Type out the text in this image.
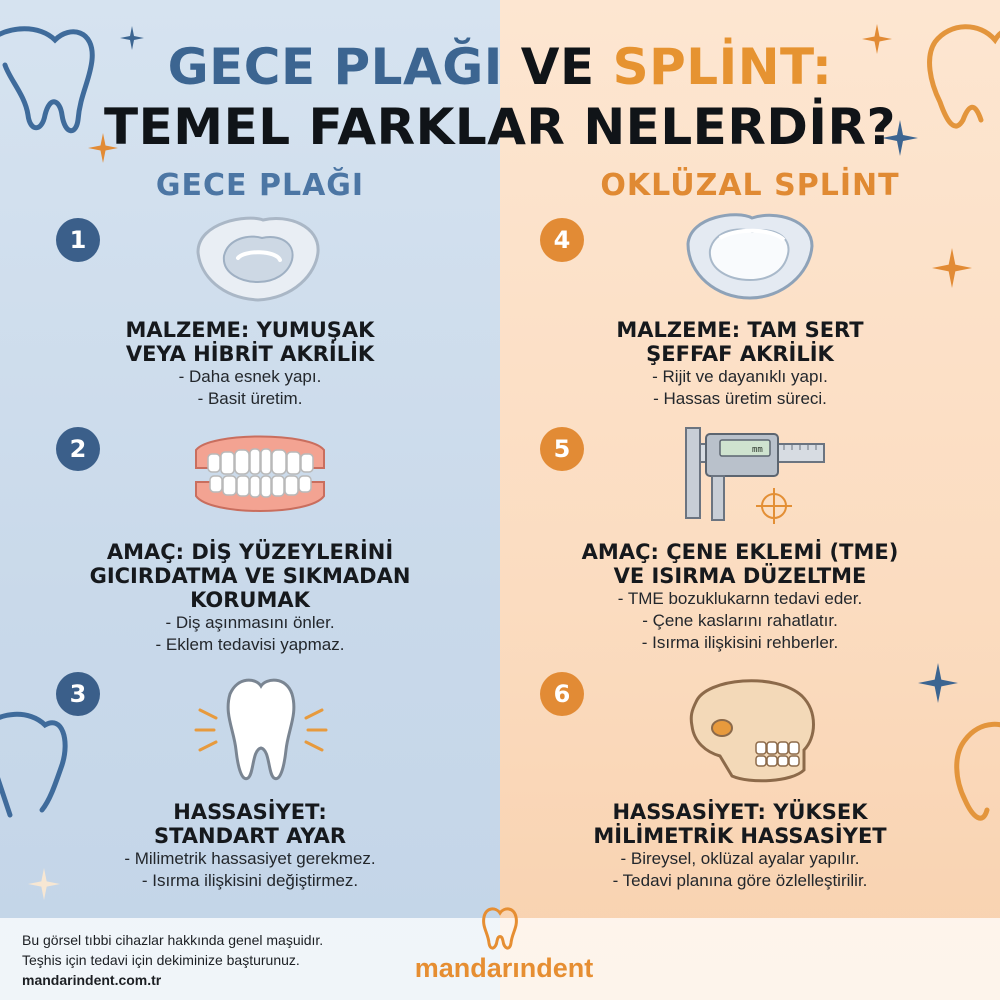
GECE PLAĞI VE SPLİNT:
TEMEL FARKLAR NELERDİR?
GECE PLAĞI	OKLÜZAL SPLİNT
1

MALZEME: YUMUŞAK

VEYA HİBRİT AKRİLİK

- Daha esnek yapı.

- Basit üretim.

2

AMAÇ: DİŞ YÜZEYLERİNİ

GICIRDATMA VE SIKMADAN

KORUMAK

- Diş aşınmasını önler.

- Eklem tedavisi yapmaz.

3

HASSASİYET:

STANDART AYAR

- Milimetrik hassasiyet gerekmez.

- Isırma ilişkisini değiştirmez.

4

MALZEME: TAM SERT

ŞEFFAF AKRİLİK

- Rijit ve dayanıklı yapı.

- Hassas üretim süreci.

5	mm

AMAÇ: ÇENE EKLEMİ (TME)

VE ISIRMA DÜZELTME

- TME bozuklukarnn tedavi eder.

- Çene kaslarını rahatlatır.

- Isırma ilişkisini rehberler.

6

HASSASİYET: YÜKSEK

MİLİMETRİK HASSASİYET

- Bireysel, oklüzal ayalar yapılır.

- Tedavi planına göre özlelleştirilir.

Bu görsel tıbbi cihazlar hakkında genel maşuidır.
Teşhis için tedavi için dekiminize başturunuz.
mandarindent.com.tr	mandarındent
